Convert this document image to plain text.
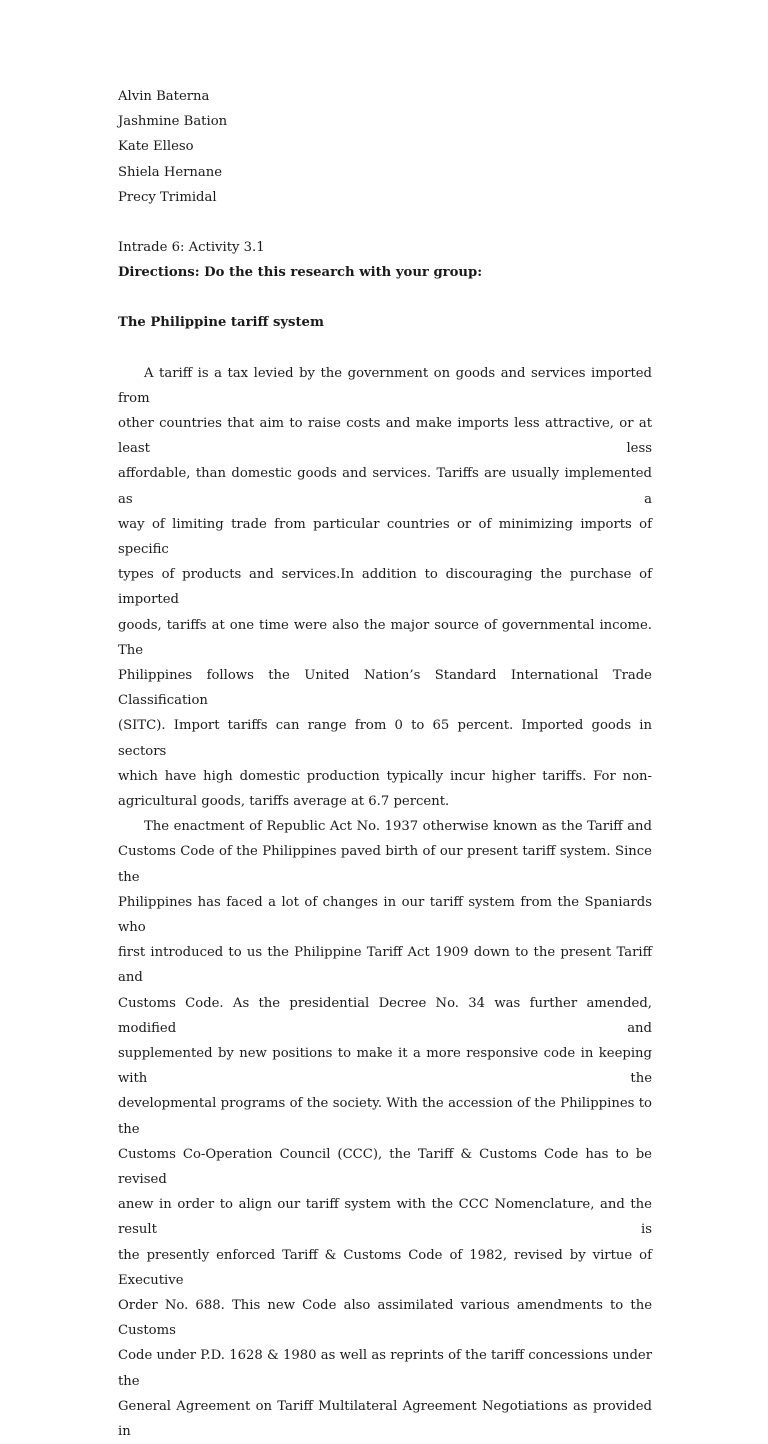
Alvin Baterna
Jashmine Bation
Kate Elleso
Shiela Hernane
Precy Trimidal
Intrade 6: Activity 3.1
Directions: Do the this research with your group:
The Philippine tariff system
A tariff is a tax levied by the government on goods and services imported from
other countries that aim to raise costs and make imports less attractive, or at least less
affordable, than domestic goods and services. Tariffs are usually implemented as a
way of limiting trade from particular countries or of minimizing imports of specific
types of products and services.In addition to discouraging the purchase of imported
goods, tariffs at one time were also the major source of governmental income. The
Philippines follows the United Nation’s Standard International Trade Classification
(SITC). Import tariffs can range from 0 to 65 percent. Imported goods in sectors
which have high domestic production typically incur higher tariffs. For non-
agricultural goods, tariffs average at 6.7 percent.
The enactment of Republic Act No. 1937 otherwise known as the Tariff and
Customs Code of the Philippines paved birth of our present tariff system. Since the
Philippines has faced a lot of changes in our tariff system from the Spaniards who
first introduced to us the Philippine Tariff Act 1909 down to the present Tariff and
Customs Code. As the presidential Decree No. 34 was further amended, modified and
supplemented by new positions to make it a more responsive code in keeping with the
developmental programs of the society. With the accession of the Philippines to the
Customs Co-Operation Council (CCC), the Tariff & Customs Code has to be revised
anew in order to align our tariff system with the CCC Nomenclature, and the result is
the presently enforced Tariff & Customs Code of 1982, revised by virtue of Executive
Order No. 688. This new Code also assimilated various amendments to the Customs
Code under P.D. 1628 & 1980 as well as reprints of the tariff concessions under the
General Agreement on Tariff Multilateral Agreement Negotiations as provided in
